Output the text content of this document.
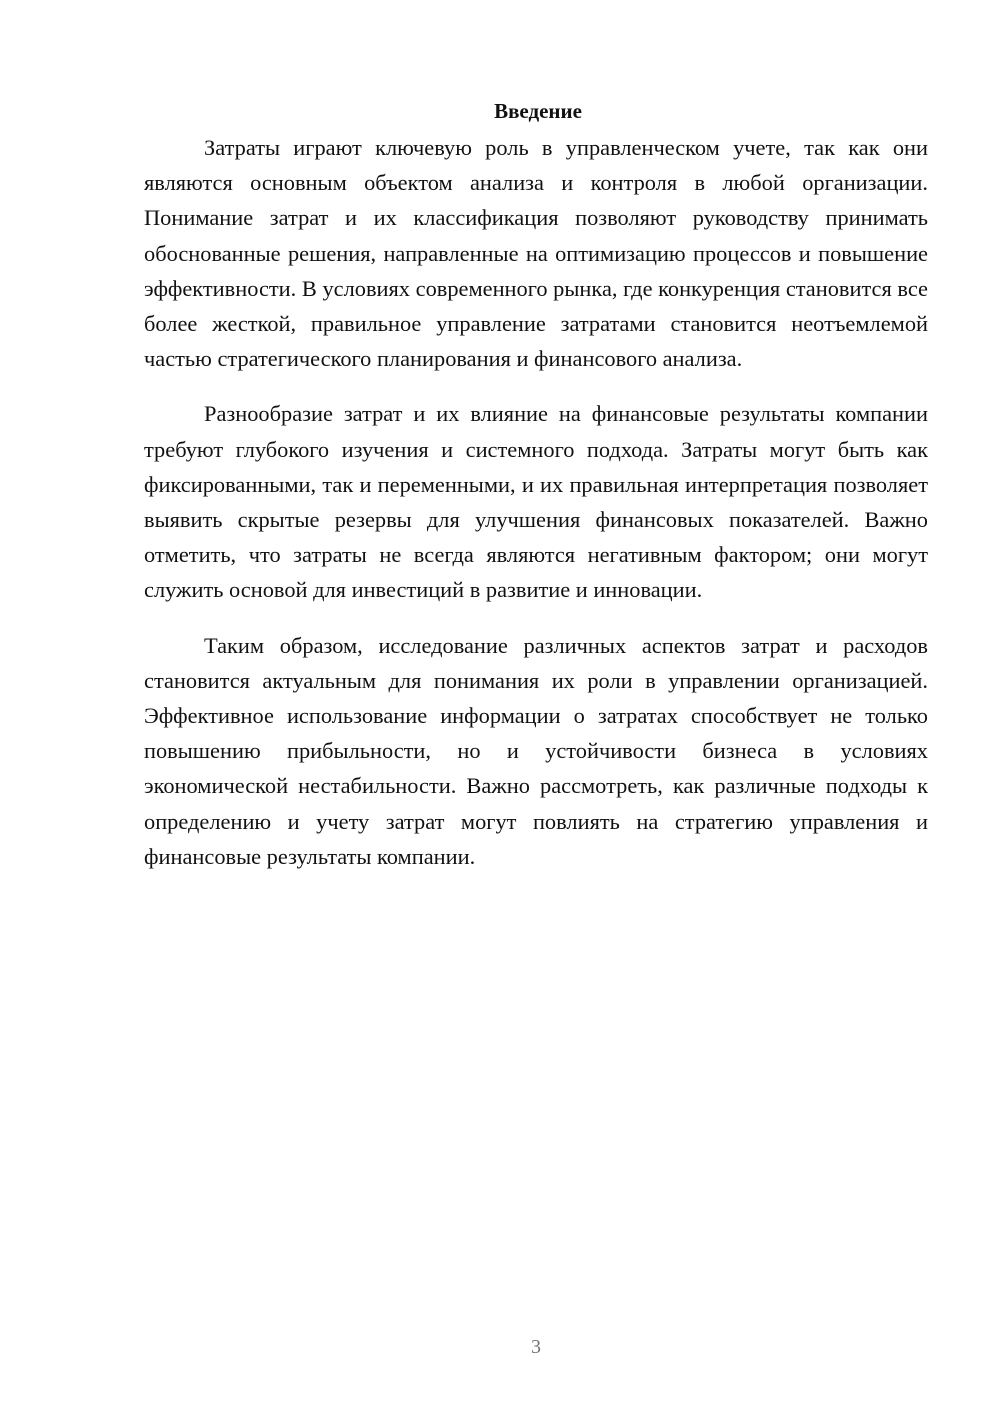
Введение

Затраты играют ключевую роль в управленческом учете, так как они являются основным объектом анализа и контроля в любой организации. Понимание затрат и их классификация позволяют руководству принимать обоснованные решения, направленные на оптимизацию процессов и повышение эффективности. В условиях современного рынка, где конкуренция становится все более жесткой, правильное управление затратами становится неотъемлемой частью стратегического планирования и финансового анализа.

Разнообразие затрат и их влияние на финансовые результаты компании требуют глубокого изучения и системного подхода. Затраты могут быть как фиксированными, так и переменными, и их правильная интерпретация позволяет выявить скрытые резервы для улучшения финансовых показателей. Важно отметить, что затраты не всегда являются негативным фактором; они могут служить основой для инвестиций в развитие и инновации.

Таким образом, исследование различных аспектов затрат и расходов становится актуальным для понимания их роли в управлении организацией. Эффективное использование информации о затратах способствует не только повышению прибыльности, но и устойчивости бизнеса в условиях экономической нестабильности. Важно рассмотреть, как различные подходы к определению и учету затрат могут повлиять на стратегию управления и финансовые результаты компании.

3
